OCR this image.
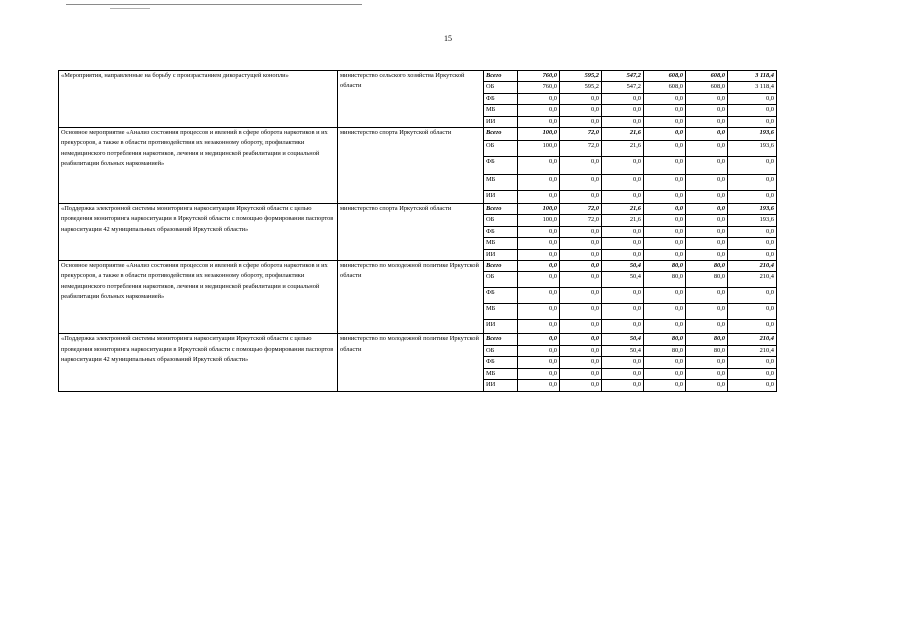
15
«Мероприятия, направленные на борьбу с произрастанием дикорастущей конопли»	министерство сельского хозяйства Иркутской области	Всего	760,0	595,2	547,2	608,0	608,0	3 118,4
		ОБ	760,0	595,2	547,2	608,0	608,0	3 118,4
		ФБ	0,0	0,0	0,0	0,0	0,0	0,0
		МБ	0,0	0,0	0,0	0,0	0,0	0,0
		ИИ	0,0	0,0	0,0	0,0	0,0	0,0

Основное мероприятие «Анализ состояния процессов и явлений в сфере оборота наркотиков и их прекурсоров, а также в области противодействия их незаконному обороту, профилактики немедицинского потребления наркотиков, лечения и медицинской реабилитации и социальной реабилитации больных наркоманией»	министерство спорта Иркутской области	Всего	100,0	72,0	21,6	0,0	0,0	193,6
		ОБ	100,0	72,0	21,6	0,0	0,0	193,6
		ФБ	0,0	0,0	0,0	0,0	0,0	0,0
		МБ	0,0	0,0	0,0	0,0	0,0	0,0
		ИИ	0,0	0,0	0,0	0,0	0,0	0,0

«Поддержка электронной системы мониторинга наркоситуации Иркутской области с целью проведения мониторинга наркоситуации в Иркутской области с помощью формирования паспортов наркоситуации 42 муниципальных образований Иркутской области»	министерство спорта Иркутской области	Всего	100,0	72,0	21,6	0,0	0,0	193,6
		ОБ	100,0	72,0	21,6	0,0	0,0	193,6
		ФБ	0,0	0,0	0,0	0,0	0,0	0,0
		МБ	0,0	0,0	0,0	0,0	0,0	0,0
		ИИ	0,0	0,0	0,0	0,0	0,0	0,0

Основное мероприятие «Анализ состояния процессов и явлений в сфере оборота наркотиков и их прекурсоров, а также в области противодействия их незаконному обороту, профилактики немедицинского потребления наркотиков, лечения и медицинской реабилитации и социальной реабилитации больных наркоманией»	министерство по молодежной политике Иркутской области	Всего	0,0	0,0	50,4	80,0	80,0	210,4
		ОБ	0,0	0,0	50,4	80,0	80,0	210,4
		ФБ	0,0	0,0	0,0	0,0	0,0	0,0
		МБ	0,0	0,0	0,0	0,0	0,0	0,0
		ИИ	0,0	0,0	0,0	0,0	0,0	0,0

«Поддержка электронной системы мониторинга наркоситуации Иркутской области с целью проведения мониторинга наркоситуации в Иркутской области с помощью формирования паспортов наркоситуации 42 муниципальных образований Иркутской области»	министерство по молодежной политике Иркутской области	Всего	0,0	0,0	50,4	80,0	80,0	210,4
		ОБ	0,0	0,0	50,4	80,0	80,0	210,4
		ФБ	0,0	0,0	0,0	0,0	0,0	0,0
		МБ	0,0	0,0	0,0	0,0	0,0	0,0
		ИИ	0,0	0,0	0,0	0,0	0,0	0,0
